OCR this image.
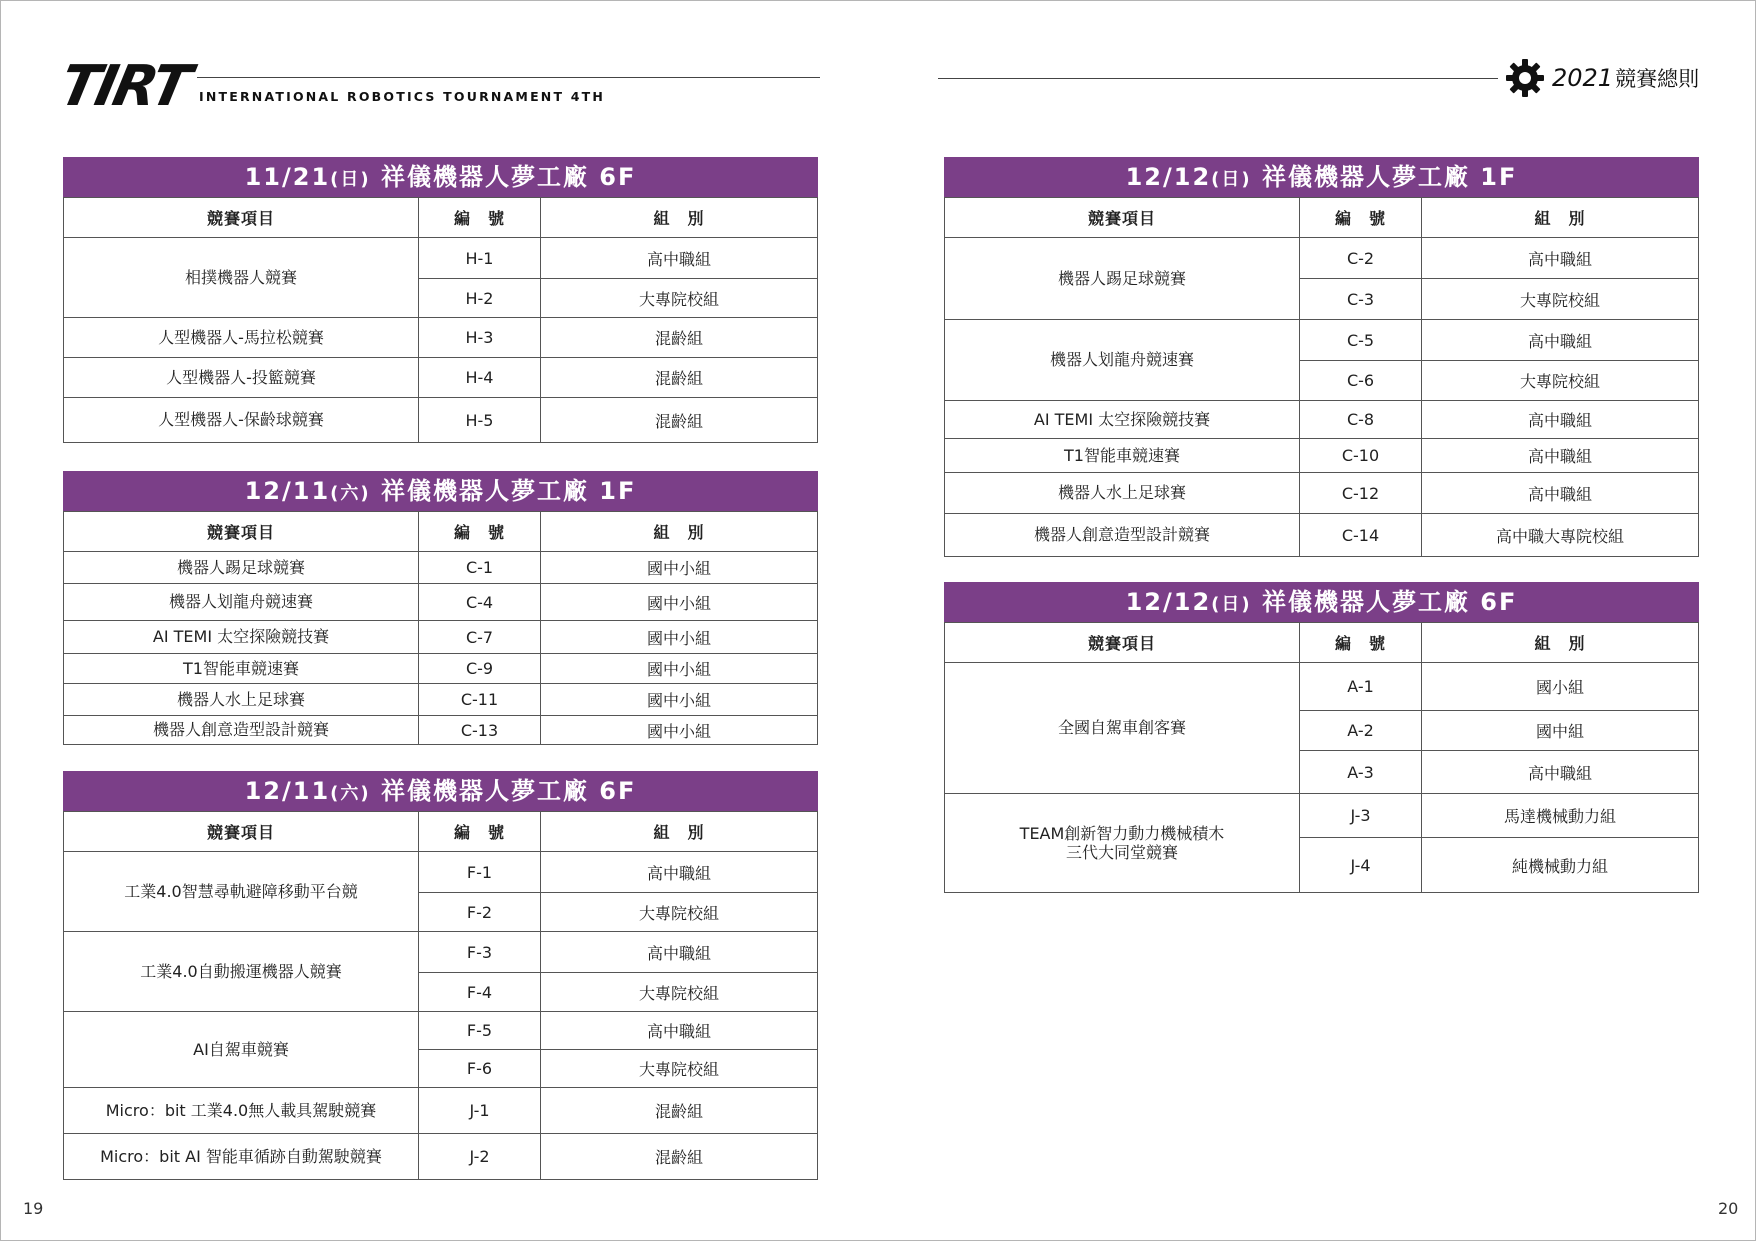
TIRT INTERNATIONAL ROBOTICS TOURNAMENT 4TH
2021 競賽總則
11/21(日) 祥儀機器人夢工廠 6F
競賽項目	編　號	組　別
相撲機器人競賽	H-1	高中職組
	H-2	大專院校組
人型機器人-馬拉松競賽	H-3	混齡組
人型機器人-投籃競賽	H-4	混齡組
人型機器人-保齡球競賽	H-5	混齡組
12/11(六) 祥儀機器人夢工廠 1F
競賽項目	編　號	組　別
機器人踢足球競賽	C-1	國中小組
機器人划龍舟競速賽	C-4	國中小組
AI TEMI 太空探險競技賽	C-7	國中小組
T1智能車競速賽	C-9	國中小組
機器人水上足球賽	C-11	國中小組
機器人創意造型設計競賽	C-13	國中小組
12/11(六) 祥儀機器人夢工廠 6F
競賽項目	編　號	組　別
工業4.0智慧尋軌避障移動平台競	F-1	高中職組
	F-2	大專院校組
工業4.0自動搬運機器人競賽	F-3	高中職組
	F-4	大專院校組
AI自駕車競賽	F-5	高中職組
	F-6	大專院校組
Micro：bit 工業4.0無人載具駕駛競賽	J-1	混齡組
Micro：bit AI 智能車循跡自動駕駛競賽	J-2	混齡組
12/12(日) 祥儀機器人夢工廠 1F
競賽項目	編　號	組　別
機器人踢足球競賽	C-2	高中職組
	C-3	大專院校組
機器人划龍舟競速賽	C-5	高中職組
	C-6	大專院校組
AI TEMI 太空探險競技賽	C-8	高中職組
T1智能車競速賽	C-10	高中職組
機器人水上足球賽	C-12	高中職組
機器人創意造型設計競賽	C-14	高中職大專院校組
12/12(日) 祥儀機器人夢工廠 6F
競賽項目	編　號	組　別
全國自駕車創客賽	A-1	國小組
	A-2	國中組
	A-3	高中職組
TEAM創新智力動力機械積木
三代大同堂競賽	J-3	馬達機械動力組
	J-4	純機械動力組
19	20
